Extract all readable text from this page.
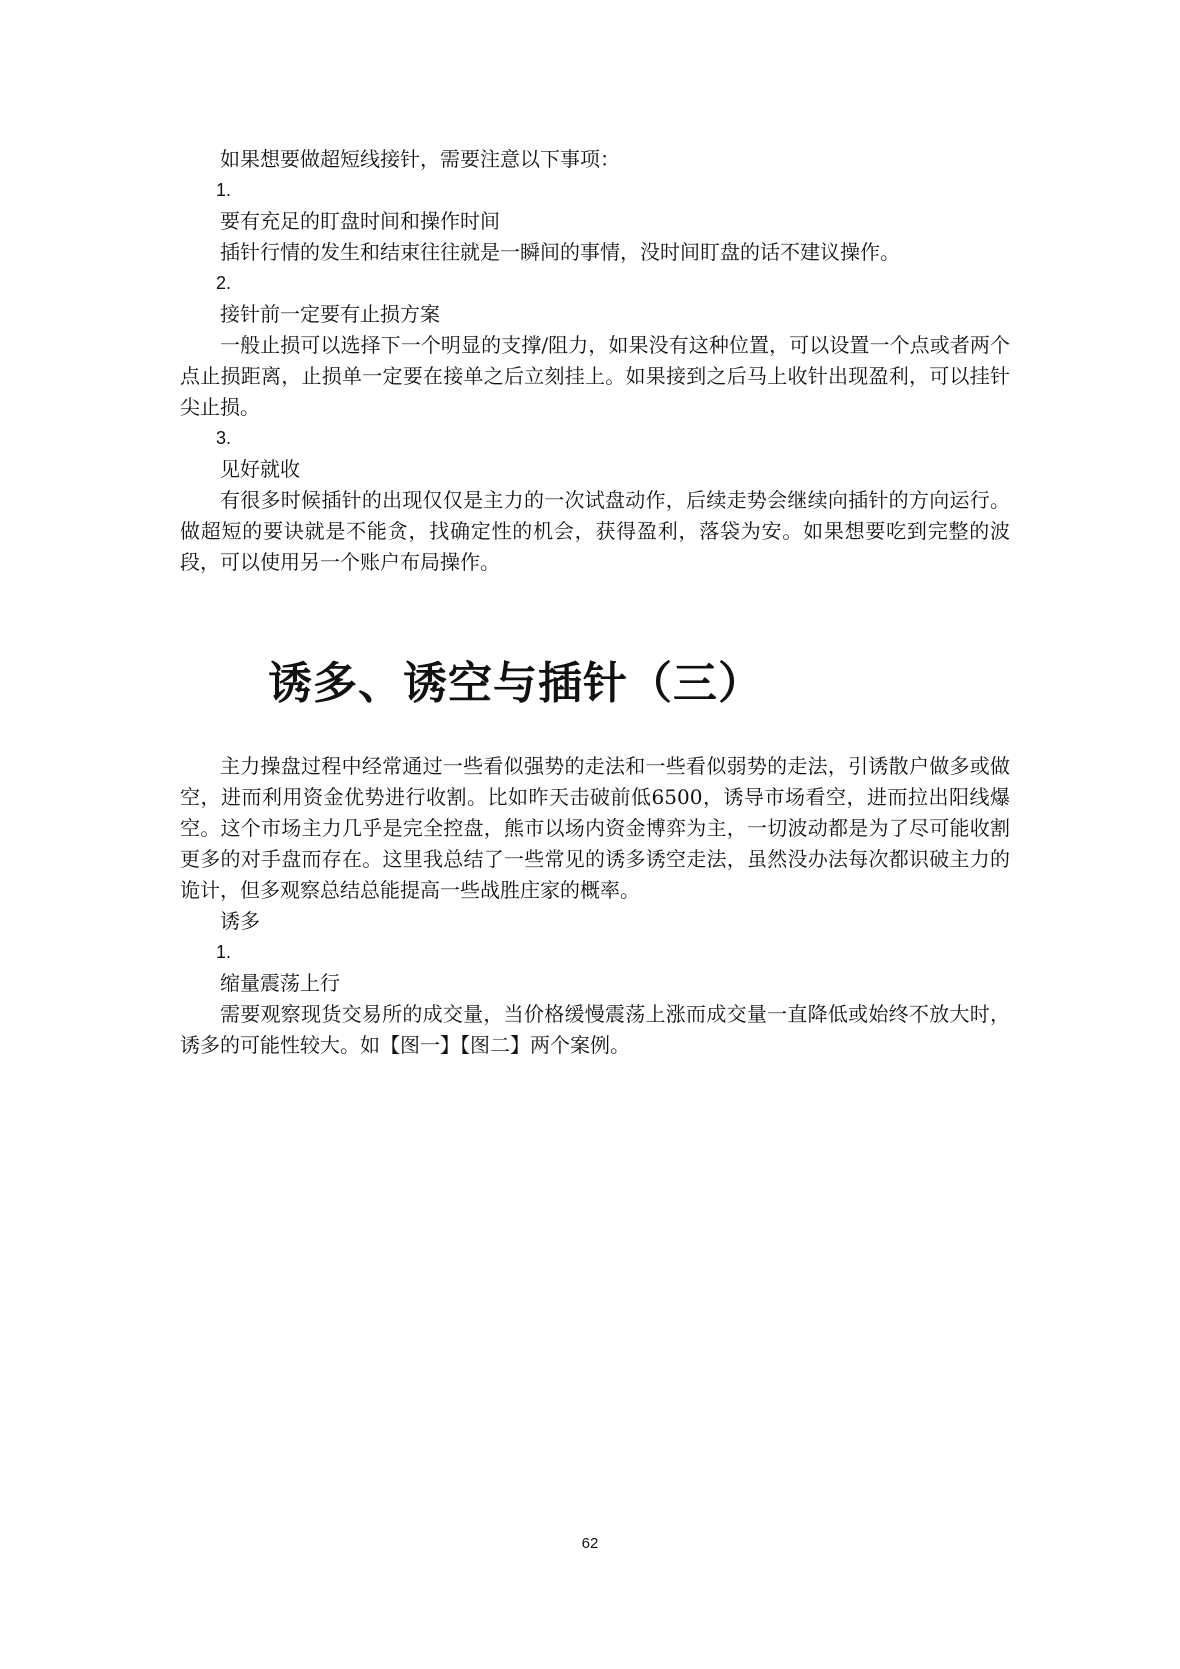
如果想要做超短线接针，需要注意以下事项：

1.

要有充足的盯盘时间和操作时间

插针行情的发生和结束往往就是一瞬间的事情，没时间盯盘的话不建议操作。

2.

接针前一定要有止损方案

一般止损可以选择下一个明显的支撑/阻力，如果没有这种位置，可以设置一个点或者两个点止损距离，止损单一定要在接单之后立刻挂上。如果接到之后马上收针出现盈利，可以挂针尖止损。

3.

见好就收

有很多时候插针的出现仅仅是主力的一次试盘动作，后续走势会继续向插针的方向运行。做超短的要诀就是不能贪，找确定性的机会，获得盈利，落袋为安。如果想要吃到完整的波段，可以使用另一个账户布局操作。

诱多、诱空与插针（三）

主力操盘过程中经常通过一些看似强势的走法和一些看似弱势的走法，引诱散户做多或做空，进而利用资金优势进行收割。比如昨天击破前低6500，诱导市场看空，进而拉出阳线爆空。这个市场主力几乎是完全控盘，熊市以场内资金博弈为主，一切波动都是为了尽可能收割更多的对手盘而存在。这里我总结了一些常见的诱多诱空走法，虽然没办法每次都识破主力的诡计，但多观察总结总能提高一些战胜庄家的概率。

诱多

1.

缩量震荡上行

需要观察现货交易所的成交量，当价格缓慢震荡上涨而成交量一直降低或始终不放大时，诱多的可能性较大。如【图一】【图二】两个案例。

62
